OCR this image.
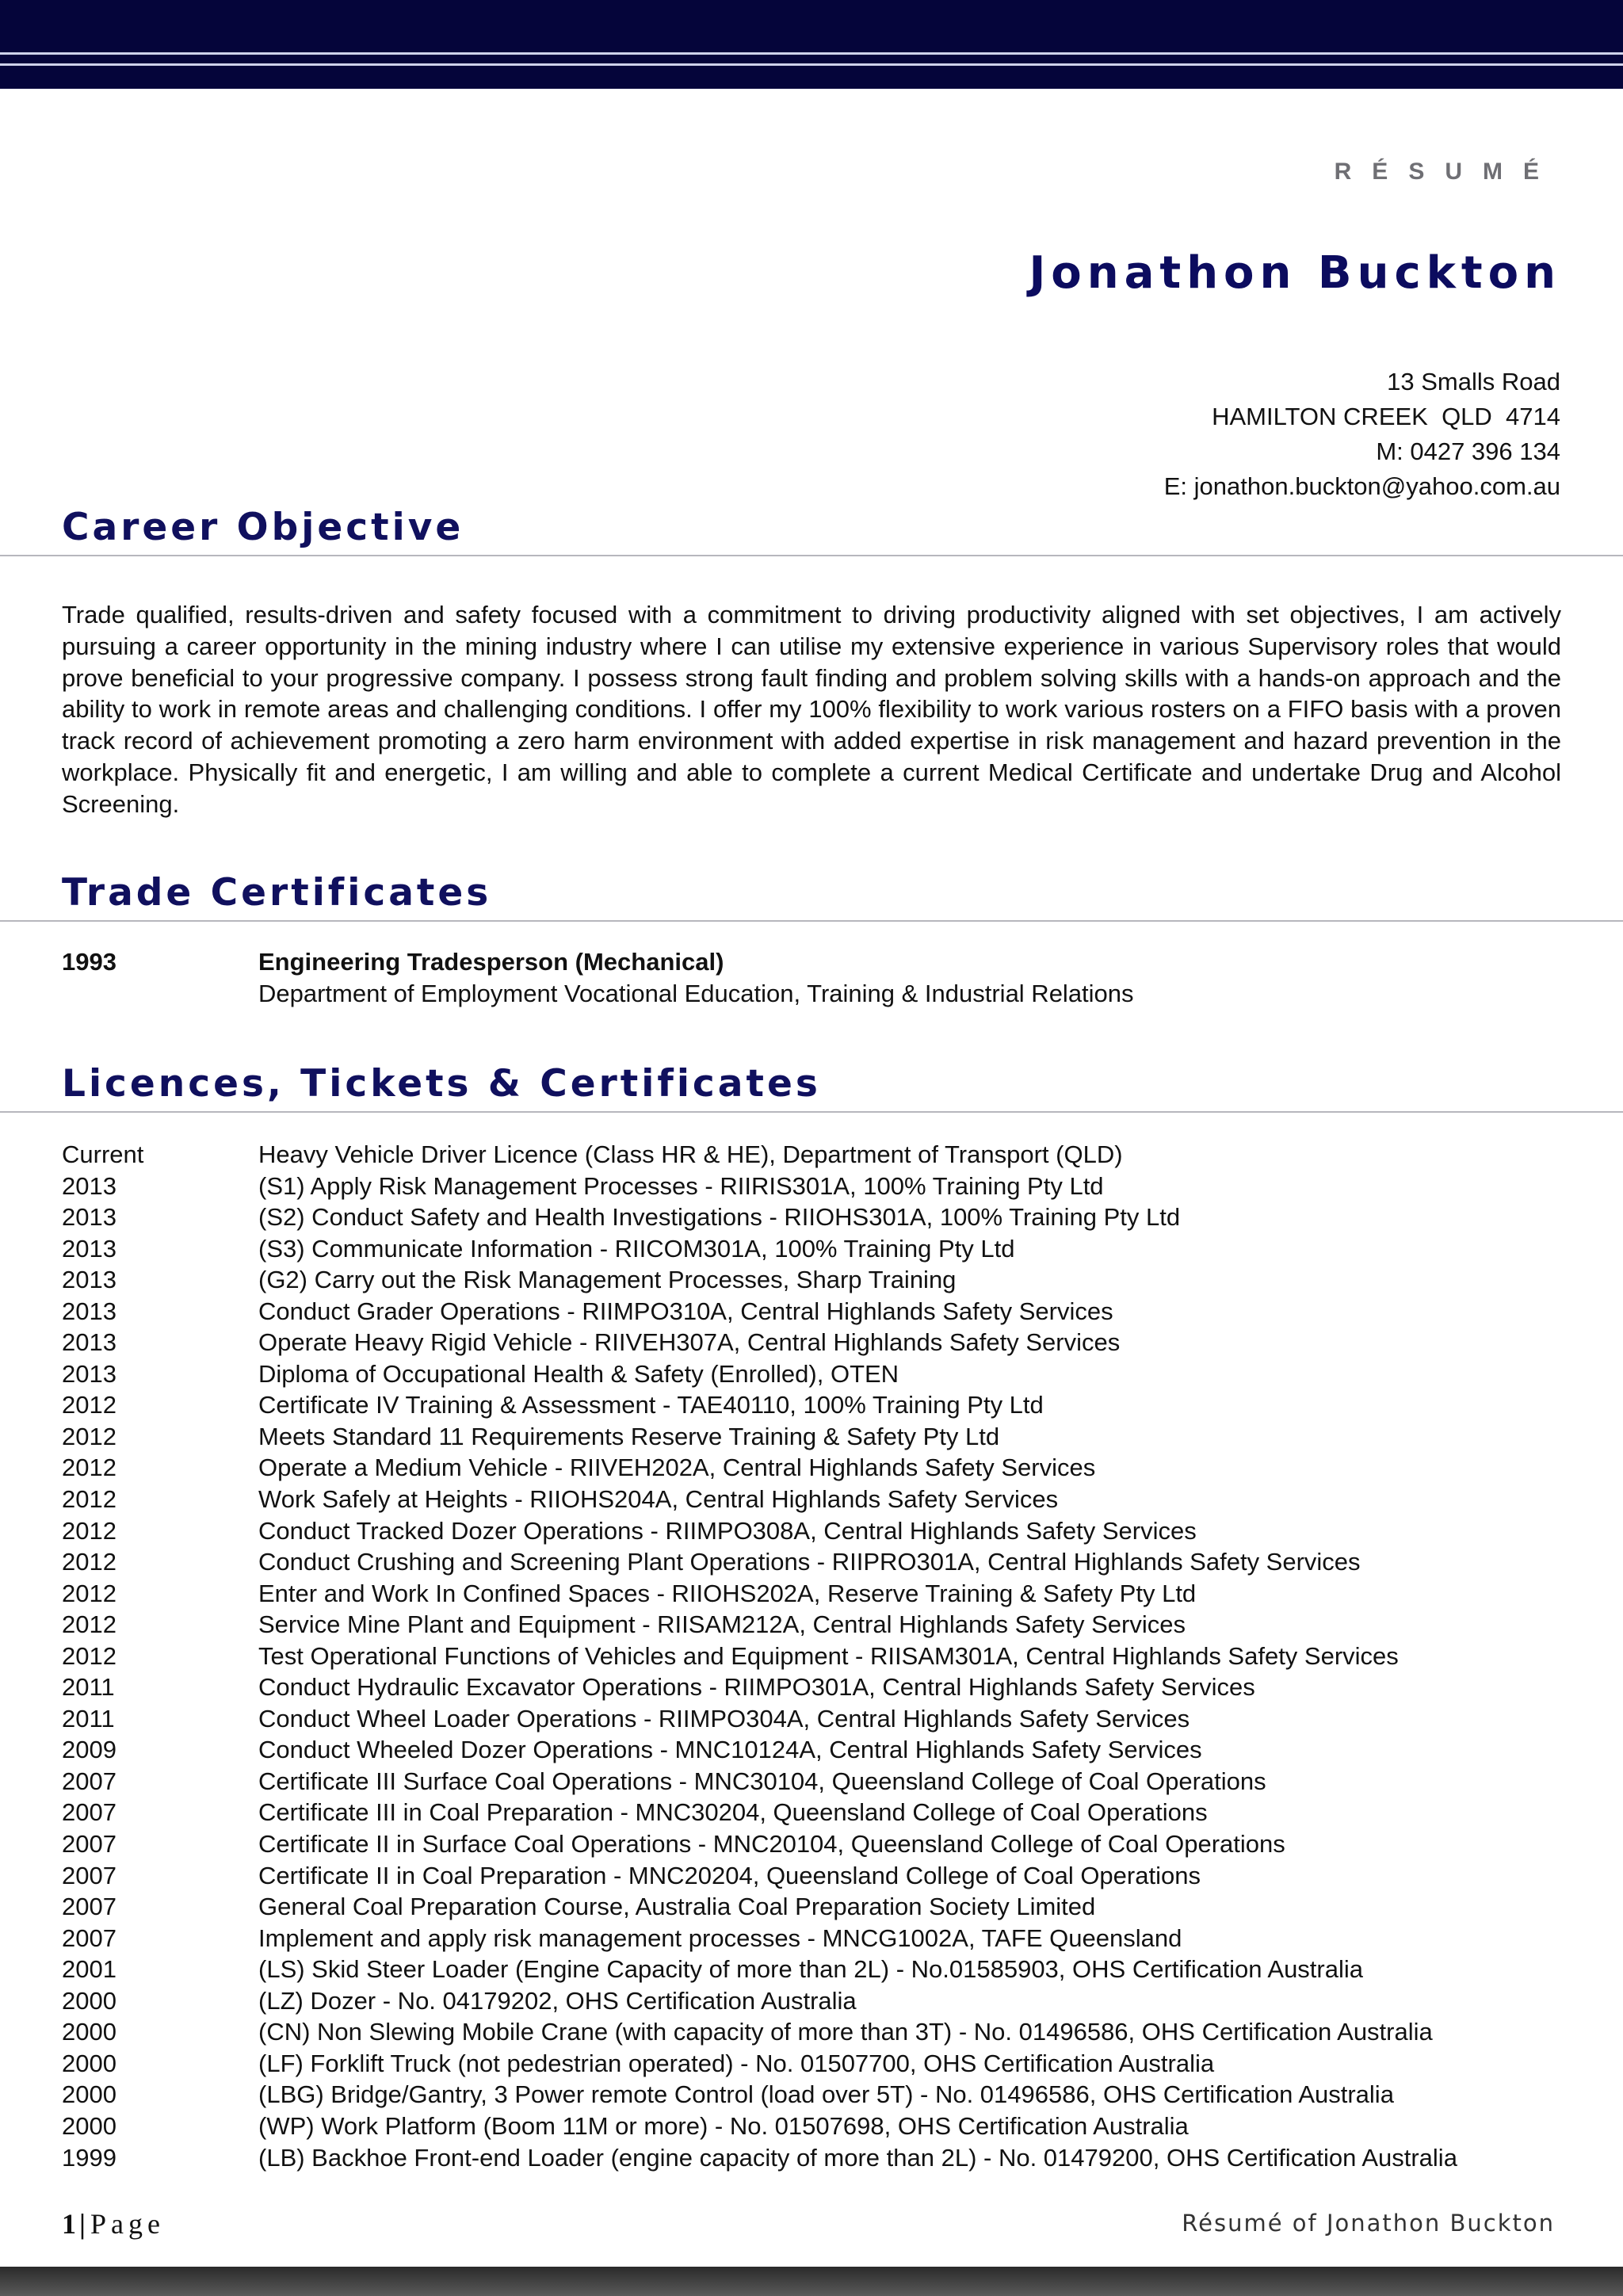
RÉSUMÉ
Jonathon Buckton
13 Smalls Road
HAMILTON CREEK  QLD  4714
M: 0427 396 134
E: jonathon.buckton@yahoo.com.au
Career Objective

Trade qualified, results-driven and safety focused with a commitment to driving productivity aligned with set objectives, I am actively pursuing a career opportunity in the mining industry where I can utilise my extensive experience in various Supervisory roles that would prove beneficial to your progressive company. I possess strong fault finding and problem solving skills with a hands-on approach and the ability to work in remote areas and challenging conditions. I offer my 100% flexibility to work various rosters on a FIFO basis with a proven track record of achievement promoting a zero harm environment with added expertise in risk management and hazard prevention in the workplace. Physically fit and energetic, I am willing and able to complete a current Medical Certificate and undertake Drug and Alcohol Screening.

Trade Certificates
1993	Engineering Tradesperson (Mechanical)
Department of Employment Vocational Education, Training & Industrial Relations
Licences, Tickets & Certificates
Current	Heavy Vehicle Driver Licence (Class HR & HE), Department of Transport (QLD)
2013	(S1) Apply Risk Management Processes - RIIRIS301A, 100% Training Pty Ltd
2013	(S2) Conduct Safety and Health Investigations - RIIOHS301A, 100% Training Pty Ltd
2013	(S3) Communicate Information - RIICOM301A, 100% Training Pty Ltd
2013	(G2) Carry out the Risk Management Processes, Sharp Training
2013	Conduct Grader Operations - RIIMPO310A, Central Highlands Safety Services
2013	Operate Heavy Rigid Vehicle - RIIVEH307A, Central Highlands Safety Services
2013	Diploma of Occupational Health & Safety (Enrolled), OTEN
2012	Certificate IV Training & Assessment - TAE40110, 100% Training Pty Ltd
2012	Meets Standard 11 Requirements Reserve Training & Safety Pty Ltd
2012	Operate a Medium Vehicle - RIIVEH202A, Central Highlands Safety Services
2012	Work Safely at Heights - RIIOHS204A, Central Highlands Safety Services
2012	Conduct Tracked Dozer Operations - RIIMPO308A, Central Highlands Safety Services
2012	Conduct Crushing and Screening Plant Operations - RIIPRO301A, Central Highlands Safety Services
2012	Enter and Work In Confined Spaces - RIIOHS202A, Reserve Training & Safety Pty Ltd
2012	Service Mine Plant and Equipment - RIISAM212A, Central Highlands Safety Services
2012	Test Operational Functions of Vehicles and Equipment - RIISAM301A, Central Highlands Safety Services
2011	Conduct Hydraulic Excavator Operations - RIIMPO301A, Central Highlands Safety Services
2011	Conduct Wheel Loader Operations - RIIMPO304A, Central Highlands Safety Services
2009	Conduct Wheeled Dozer Operations - MNC10124A, Central Highlands Safety Services
2007	Certificate III Surface Coal Operations - MNC30104, Queensland College of Coal Operations
2007	Certificate III in Coal Preparation - MNC30204, Queensland College of Coal Operations
2007	Certificate II in Surface Coal Operations - MNC20104, Queensland College of Coal Operations
2007	Certificate II in Coal Preparation - MNC20204, Queensland College of Coal Operations
2007	General Coal Preparation Course, Australia Coal Preparation Society Limited
2007	Implement and apply risk management processes - MNCG1002A, TAFE Queensland
2001	(LS) Skid Steer Loader (Engine Capacity of more than 2L) - No.01585903, OHS Certification Australia
2000	(LZ) Dozer - No. 04179202, OHS Certification Australia
2000	(CN) Non Slewing Mobile Crane (with capacity of more than 3T) - No. 01496586, OHS Certification Australia
2000	(LF) Forklift Truck (not pedestrian operated) - No. 01507700, OHS Certification Australia
2000	(LBG) Bridge/Gantry, 3 Power remote Control (load over 5T) - No. 01496586, OHS Certification Australia
2000	(WP) Work Platform (Boom 11M or more) - No. 01507698, OHS Certification Australia
1999	(LB) Backhoe Front-end Loader (engine capacity of more than 2L) - No. 01479200, OHS Certification Australia
1 | Page	Résumé of Jonathon Buckton
